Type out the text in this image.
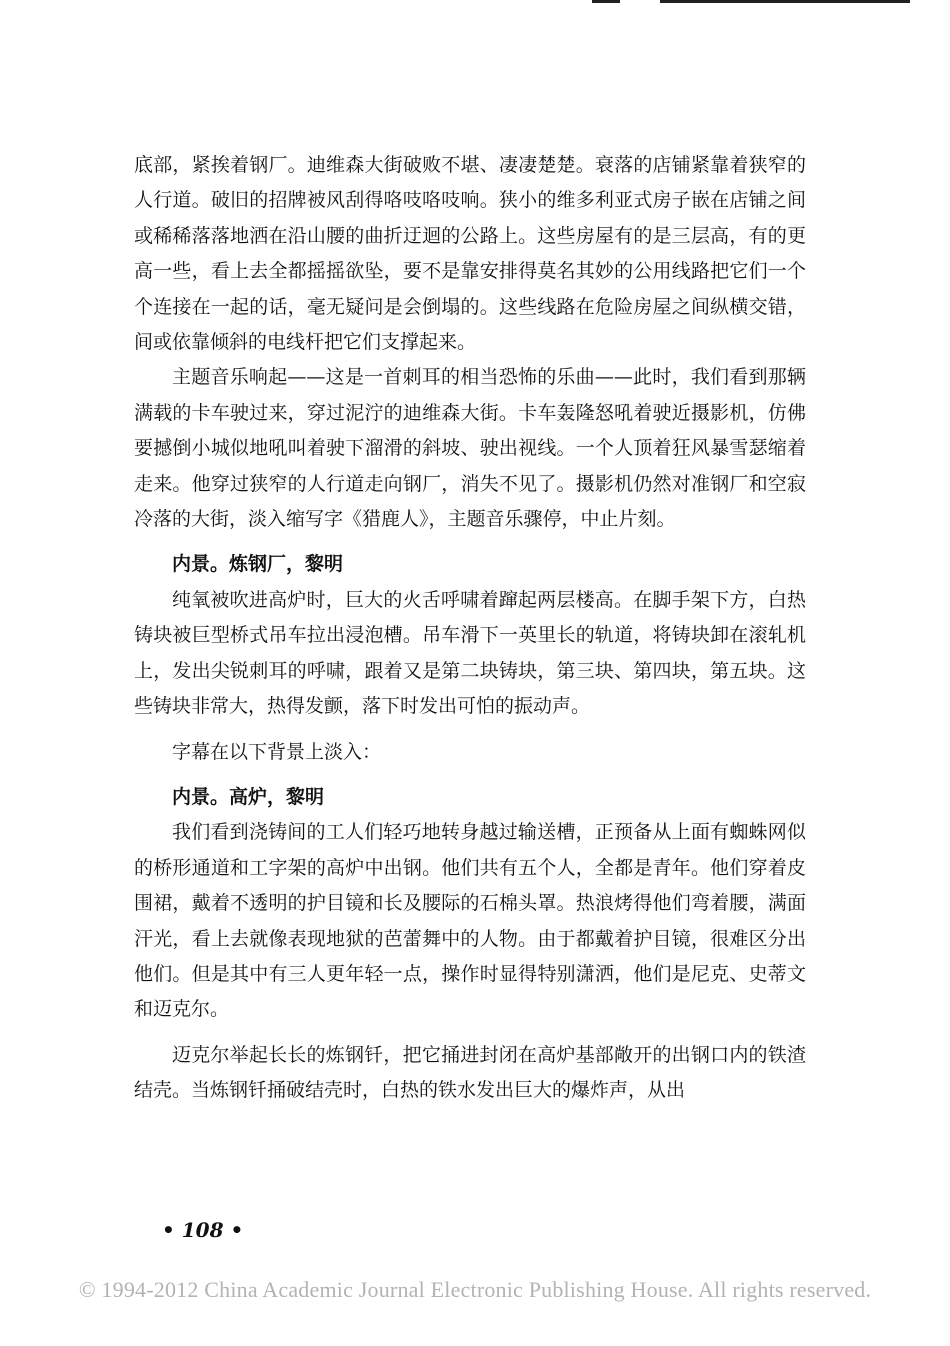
底部，紧挨着钢厂。迪维森大街破败不堪、凄凄楚楚。衰落的店铺紧靠着狭窄的人行道。破旧的招牌被风刮得咯吱咯吱响。狭小的维多利亚式房子嵌在店铺之间或稀稀落落地洒在沿山腰的曲折迂迴的公路上。这些房屋有的是三层高，有的更高一些，看上去全都摇摇欲坠，要不是靠安排得莫名其妙的公用线路把它们一个个连接在一起的话，毫无疑问是会倒塌的。这些线路在危险房屋之间纵横交错，间或依靠倾斜的电线杆把它们支撑起来。

主题音乐响起——这是一首刺耳的相当恐怖的乐曲——此时，我们看到那辆满载的卡车驶过来，穿过泥泞的迪维森大街。卡车轰隆怒吼着驶近摄影机，仿佛要撼倒小城似地吼叫着驶下溜滑的斜坡、驶出视线。一个人顶着狂风暴雪瑟缩着走来。他穿过狭窄的人行道走向钢厂，消失不见了。摄影机仍然对准钢厂和空寂冷落的大街，淡入缩写字《猎鹿人》，主题音乐骤停，中止片刻。

内景。炼钢厂，黎明

纯氧被吹进高炉时，巨大的火舌呼啸着蹿起两层楼高。在脚手架下方，白热铸块被巨型桥式吊车拉出浸泡槽。吊车滑下一英里长的轨道，将铸块卸在滚轧机上，发出尖锐刺耳的呼啸，跟着又是第二块铸块，第三块、第四块，第五块。这些铸块非常大，热得发颤，落下时发出可怕的振动声。

字幕在以下背景上淡入：

内景。高炉，黎明

我们看到浇铸间的工人们轻巧地转身越过输送槽，正预备从上面有蜘蛛网似的桥形通道和工字架的高炉中出钢。他们共有五个人，全都是青年。他们穿着皮围裙，戴着不透明的护目镜和长及腰际的石棉头罩。热浪烤得他们弯着腰，满面汗光，看上去就像表现地狱的芭蕾舞中的人物。由于都戴着护目镜，很难区分出他们。但是其中有三人更年轻一点，操作时显得特别潇洒，他们是尼克、史蒂文和迈克尔。

迈克尔举起长长的炼钢钎，把它捅进封闭在高炉基部敞开的出钢口内的铁渣结壳。当炼钢钎捅破结壳时，白热的铁水发出巨大的爆炸声，从出

• 108 •
© 1994-2012 China Academic Journal Electronic Publishing House. All rights reserved.
